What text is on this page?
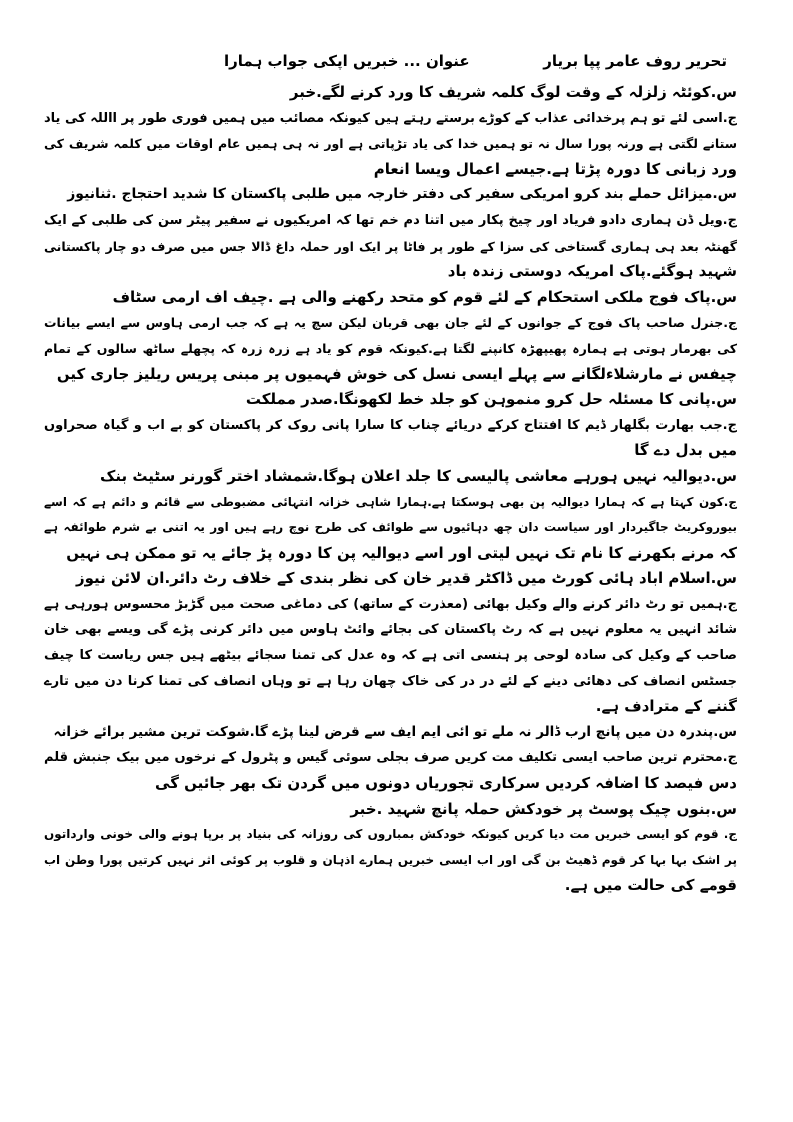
تحریر روف عامر پپا بریار
عنوان ... خبریں اپکی جواب ہمارا
س.کوئٹہ زلزلہ کے وقت لوگ کلمہ شریف کا ورد کرنے لگے.خبر
ج.اسی لئے تو ہم پرخدائی عذاب کے کوڑے برستے رہتے ہیں کیونکہ مصائب میں ہمیں فوری طور پر االلہ کی یاد
ستانے لگتی ہے ورنہ پورا سال نہ تو ہمیں خدا کی یاد تڑپاتی ہے اور نہ ہی ہمیں عام اوقات میں کلمہ شریف کی
ورد زبانی کا دورہ پڑتا ہے.جیسے اعمال ویسا انعام
س.میزائل حملے بند کرو امریکی سفیر کی دفتر خارجہ میں طلبی پاکستان کا شدید احتجاج .ثنانیوز
ج.ویل ڈن ہماری دادو فریاد اور چیخ پکار میں اتنا دم خم تھا کہ امریکیوں نے سفیر پیٹر سن کی طلبی کے ایک
گھنٹہ بعد ہی ہماری گستاخی کی سزا کے طور پر فاٹا پر ایک اور حملہ داغ ڈالا جس میں صرف دو چار پاکستانی
شہید ہوگئے.پاک امریکہ دوستی زندہ باد
س.پاک فوج ملکی استحکام کے لئے قوم کو متحد رکھنے والی ہے .چیف اف ارمی سٹاف
ج.جنرل صاحب پاک فوج کے جوانوں کے لئے جان بھی قربان لیکن سچ یہ ہے کہ جب ارمی ہاوس سے ایسے بیانات
کی بھرمار ہوتی ہے ہمارہ پھیپھڑہ کانپنے لگتا ہے.کیونکہ قوم کو یاد ہے زرہ زرہ کہ پچھلے ساٹھ سالوں کے تمام
چیفس نے مارشلاءلگانے سے پہلے ایسی نسل کی خوش فہمیوں پر مبنی پریس ریلیز جاری کیں
س.پانی کا مسئلہ حل کرو منموہن کو جلد خط لکھونگا.صدر مملکت
ج.جب بھارت بگلھار ڈیم کا افتتاح کرکے دریائے چناب کا سارا پانی روک کر پاکستان کو بے اب و گیاہ صحراوں
میں بدل دے گا
س.دیوالیہ نہیں ہورہے معاشی پالیسی کا جلد اعلان ہوگا.شمشاد اختر گورنر سٹیٹ بنک
ج.کون کہتا ہے کہ ہمارا دیوالیہ پن بھی ہوسکتا ہے.ہمارا شاہی خزانہ انتہائی مضبوطی سے قائم و دائم ہے کہ اسے
بیوروکریٹ جاگیردار اور سیاست دان چھ دہائیوں سے طوائف کی طرح نوچ رہے ہیں اور یہ اتنی بے شرم طوائفہ ہے
کہ مرنے بکھرنے کا نام تک نہیں لیتی اور اسے دیوالیہ پن کا دورہ پڑ جائے یہ تو ممکن ہی نہیں
س.اسلام اباد ہائی کورٹ میں ڈاکٹر قدیر خان کی نظر بندی کے خلاف رٹ دائر.ان لائن نیوز
ج.ہمیں تو رٹ دائر کرنے والے وکیل بھائی (معذرت کے ساتھ) کی دماغی صحت میں گڑبڑ محسوس ہورہی ہے
شائد انہیں یہ معلوم نہیں ہے کہ رٹ پاکستان کی بجائے وائٹ ہاوس میں دائر کرنی پڑے گی ویسے بھی خان
صاحب کے وکیل کی سادہ لوحی پر ہنسی اتی ہے کہ وہ عدل کی تمنا سجائے بیٹھے ہیں جس ریاست کا چیف
جسٹس انصاف کی دھائی دینے کے لئے در در کی خاک چھان رہا ہے تو وہاں انصاف کی تمنا کرنا دن میں تارے
گننے کے مترادف ہے.
س.پندرہ دن میں پانچ ارب ڈالر نہ ملے تو ائی ایم ایف سے قرض لینا پڑے گا.شوکت ترین مشیر برائے خزانہ
ج.محترم ترین صاحب ایسی تکلیف مت کریں صرف بجلی سوئی گیس و پٹرول کے نرخوں میں بیک جنبش قلم
دس فیصد کا اضافہ کردیں سرکاری تجوریاں دونوں میں گردن تک بھر جائیں گی
س.بنوں چیک پوسٹ پر خودکش حملہ پانچ شہید .خبر
ج. قوم کو ایسی خبریں مت دیا کریں کیونکہ خودکش بمباروں کی روزانہ کی بنیاد پر برپا ہونے والی خونی وارداتوں
پر اشک بہا بہا کر قوم ڈھیٹ بن گی اور اب ایسی خبریں ہمارے اذہان و قلوب پر کوئی اثر نہیں کرتیں پورا وطن اب
قومے کی حالت میں ہے.
